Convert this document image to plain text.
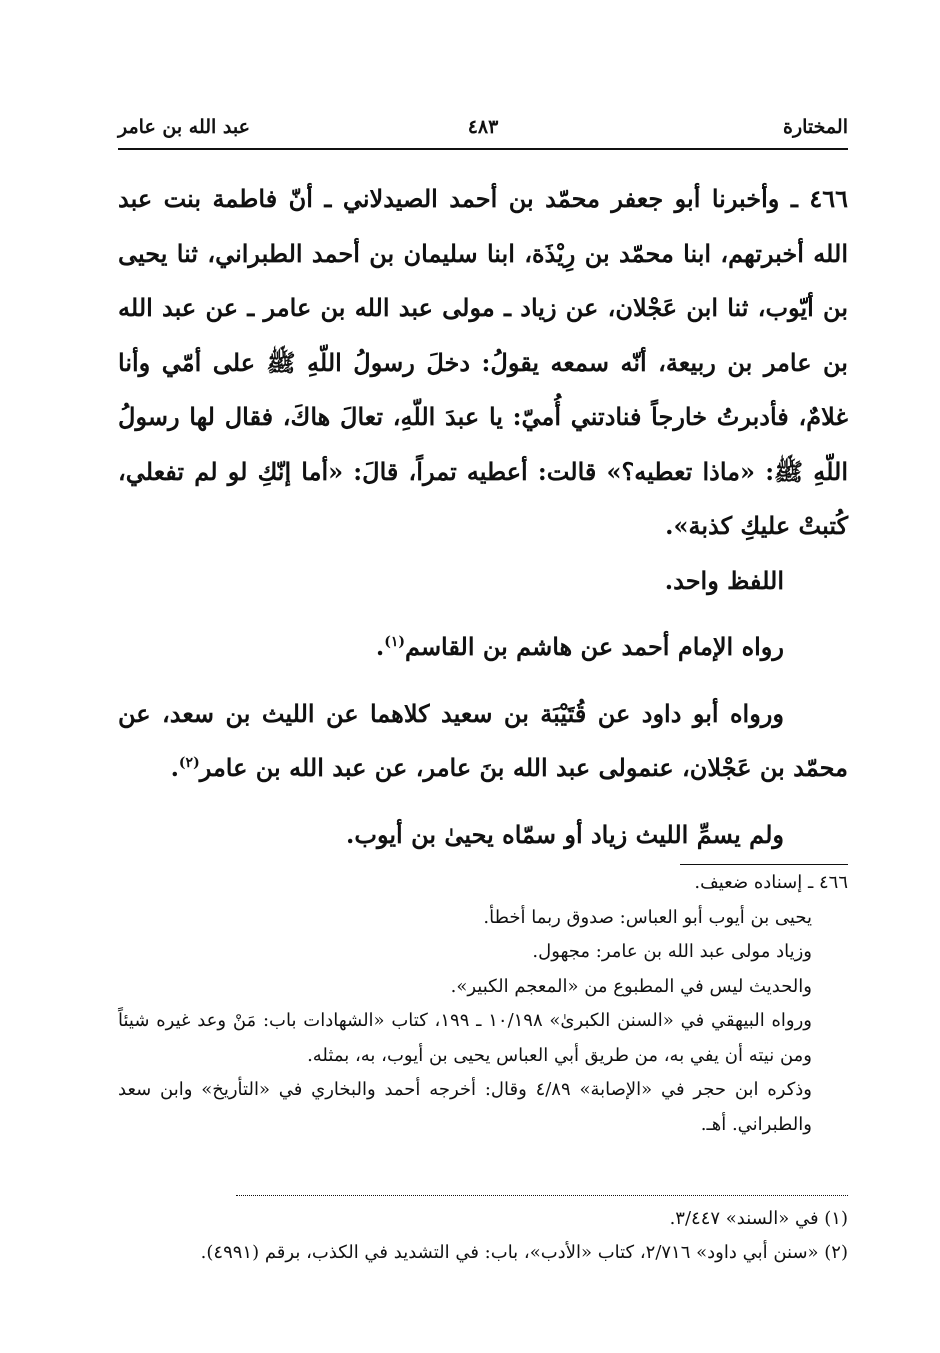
المختارة
٤٨٣
عبد الله بن عامر

٤٦٦ ـ وأخبرنا أبو جعفر محمّد بن أحمد الصيدلاني ـ أنّ فاطمة بنت عبد الله أخبرتهم، ابنا محمّد بن رِيْذَة، ابنا سليمان بن أحمد الطبراني، ثنا يحيى بن أيّوب، ثنا ابن عَجْلان، عن زياد ـ مولى عبد الله بن عامر ـ عن عبد الله بن عامر بن ربيعة، أنّه سمعه يقولُ: دخلَ رسولُ اللّهِ ﷺ على أمّي وأنا غلامٌ، فأدبرتُ خارجاً فنادتني أُميّ: يا عبدَ اللّهِ، تعالَ هاكَ، فقال لها رسولُ اللّهِ ﷺ: «ماذا تعطيه؟» قالت: أعطيه تمراً، قالَ: «أما إنّكِ لو لم تفعلي، كُتبتْ عليكِ كذبة».

اللفظ واحد.

رواه الإمام أحمد عن هاشم بن القاسم$^{(١)}$.

ورواه أبو داود عن قُتَيْبَة بن سعيد كلاهما عن الليث بن سعد، عن محمّد بن عَجْلان، عنمولى عبد الله بنَ عامر، عن عبد الله بن عامر$^{(٢)}$.

ولم يسمِّ الليث زياد أو سمّاه يحيىٰ بن أيوب.

٤٦٦ ـ إسناده ضعيف.

يحيى بن أيوب أبو العباس: صدوق ربما أخطأ.

وزياد مولى عبد الله بن عامر: مجهول.

والحديث ليس في المطبوع من «المعجم الكبير».

ورواه البيهقي في «السنن الكبرىٰ» ١٠/١٩٨ ـ ١٩٩، كتاب «الشهادات باب: مَنْ وعد غيره شيئاً ومن نيته أن يفي به، من طريق أبي العباس يحيى بن أيوب، به، بمثله.

وذكره ابن حجر في «الإصابة» ٤/٨٩ وقال: أخرجه أحمد والبخاري في «التأريخ» وابن سعد والطبراني. أهـ.

(١) في «السند» ٣/٤٤٧.

(٢) «سنن أبي داود» ٢/٧١٦، كتاب «الأدب»، باب: في التشديد في الكذب، برقم (٤٩٩١).
